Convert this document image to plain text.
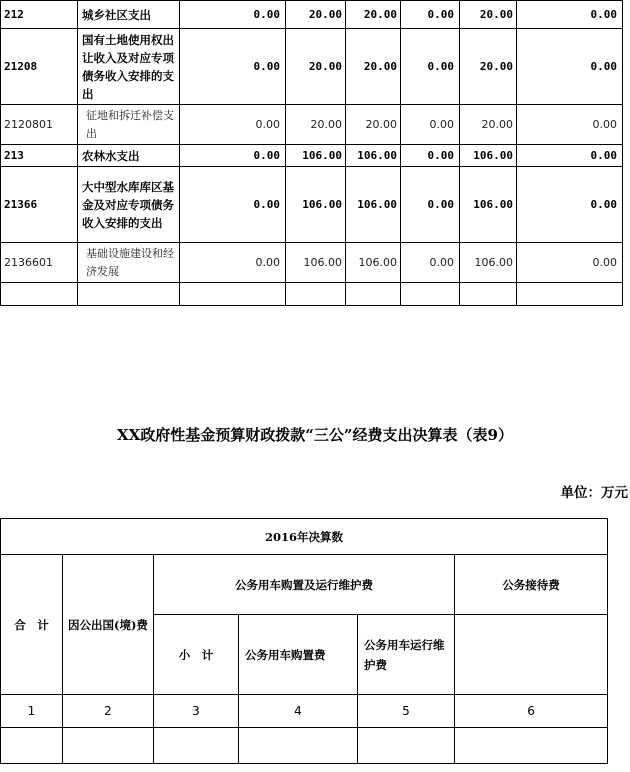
212	城乡社区支出	0.00	20.00	20.00	0.00	20.00	0.00
21208	国有土地使用权出让收入及对应专项债务收入安排的支出	0.00	20.00	20.00	0.00	20.00	0.00
2120801	征地和拆迁补偿支出	0.00	20.00	20.00	0.00	20.00	0.00
213	农林水支出	0.00	106.00	106.00	0.00	106.00	0.00
21366	大中型水库库区基金及对应专项债务收入安排的支出	0.00	106.00	106.00	0.00	106.00	0.00
2136601	基础设施建设和经济发展	0.00	106.00	106.00	0.00	106.00	0.00

XX政府性基金预算财政拨款“三公”经费支出决算表（表9）
单位：万元
2016年决算数					
合　计	因公出国(境)费	公务用车购置及运行维护费			公务接待费
		小　计	公务用车购置费	公务用车运行维护费	
1	2	3	4	5	6
